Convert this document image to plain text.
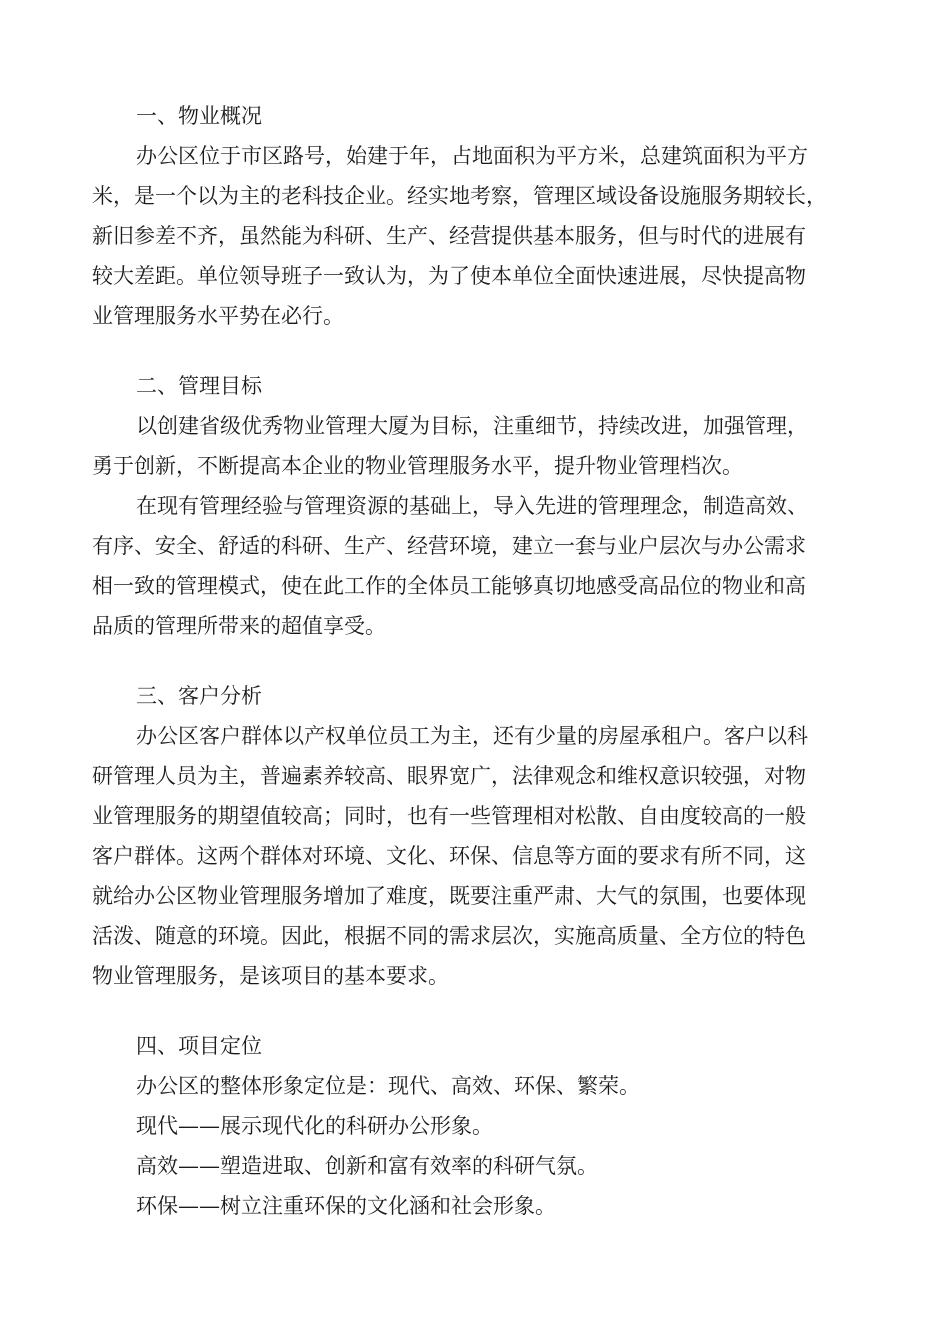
一、物业概况
办公区位于市区路号，始建于年，占地面积为平方米，总建筑面积为平方
米，是一个以为主的老科技企业。经实地考察，管理区域设备设施服务期较长，
新旧参差不齐，虽然能为科研、生产、经营提供基本服务，但与时代的进展有
较大差距。单位领导班子一致认为，为了使本单位全面快速进展，尽快提高物
业管理服务水平势在必行。
二、管理目标
以创建省级优秀物业管理大厦为目标，注重细节，持续改进，加强管理，
勇于创新，不断提高本企业的物业管理服务水平，提升物业管理档次。
在现有管理经验与管理资源的基础上，导入先进的管理理念，制造高效、
有序、安全、舒适的科研、生产、经营环境，建立一套与业户层次与办公需求
相一致的管理模式，使在此工作的全体员工能够真切地感受高品位的物业和高
品质的管理所带来的超值享受。
三、客户分析
办公区客户群体以产权单位员工为主，还有少量的房屋承租户。客户以科
研管理人员为主，普遍素养较高、眼界宽广，法律观念和维权意识较强，对物
业管理服务的期望值较高；同时，也有一些管理相对松散、自由度较高的一般
客户群体。这两个群体对环境、文化、环保、信息等方面的要求有所不同，这
就给办公区物业管理服务增加了难度，既要注重严肃、大气的氛围，也要体现
活泼、随意的环境。因此，根据不同的需求层次，实施高质量、全方位的特色
物业管理服务，是该项目的基本要求。
四、项目定位
办公区的整体形象定位是：现代、高效、环保、繁荣。
现代——展示现代化的科研办公形象。
高效——塑造进取、创新和富有效率的科研气氛。
环保——树立注重环保的文化涵和社会形象。
